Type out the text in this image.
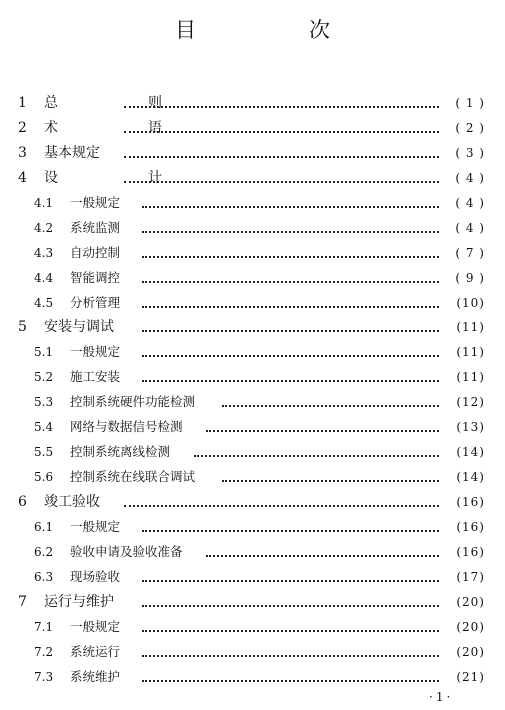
目　次
1 总　则	( 1 )
2 术　语	( 2 )
3 基本规定	( 3 )
4 设　计	( 4 )
4.1 一般规定	( 4 )
4.2 系统监测	( 4 )
4.3 自动控制	( 7 )
4.4 智能调控	( 9 )
4.5 分析管理	(10)
5 安装与调试	(11)
5.1 一般规定	(11)
5.2 施工安装	(11)
5.3 控制系统硬件功能检测	(12)
5.4 网络与数据信号检测	(13)
5.5 控制系统离线检测	(14)
5.6 控制系统在线联合调试	(14)
6 竣工验收	(16)
6.1 一般规定	(16)
6.2 验收申请及验收准备	(16)
6.3 现场验收	(17)
7 运行与维护	(20)
7.1 一般规定	(20)
7.2 系统运行	(20)
7.3 系统维护	(21)
·1·
